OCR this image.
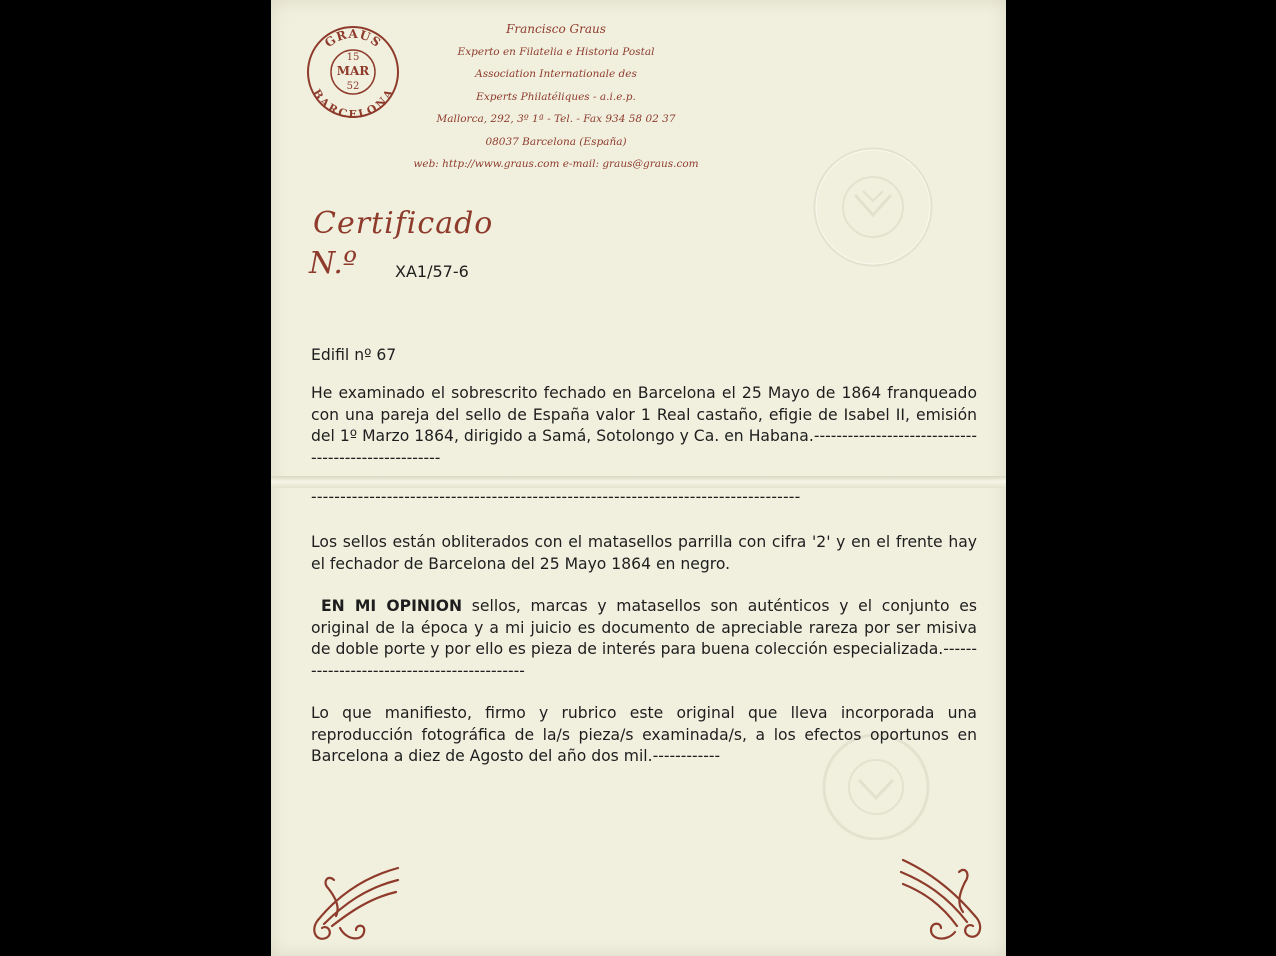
GRAUS
BARCELONA
15
MAR
52
Francisco Graus
Experto en Filatelia e Historia Postal
Association Internationale des
Experts Philatéliques - a.i.e.p.
Mallorca, 292, 3º 1ª - Tel. - Fax 934 58 02 37
08037 Barcelona (España)
web: http://www.graus.com e-mail: graus@graus.com
Certificado
N.º XA1/57-6
Edifil nº 67
He examinado el sobrescrito fechado en Barcelona el 25 Mayo de 1864 franqueado con una pareja del sello de España valor 1 Real castaño, efigie de Isabel II, emisión del 1º Marzo 1864, dirigido a Samá, Sotolongo y Ca. en Habana.----------------------------------------------------
------------------------------------------------------------------------------------
Los sellos están obliterados con el matasellos parrilla con cifra '2' y en el frente hay el fechador de Barcelona del 25 Mayo 1864 en negro.
EN MI OPINION sellos, marcas y matasellos son auténticos y el conjunto es original de la época y a mi juicio es documento de apreciable rareza por ser misiva de doble porte y por ello es pieza de interés para buena colección especializada.--------------------------------------------
Lo que manifiesto, firmo y rubrico este original que lleva incorporada una reproducción fotográfica de la/s pieza/s examinada/s, a los efectos oportunos en Barcelona a diez de Agosto del año dos mil.------------
